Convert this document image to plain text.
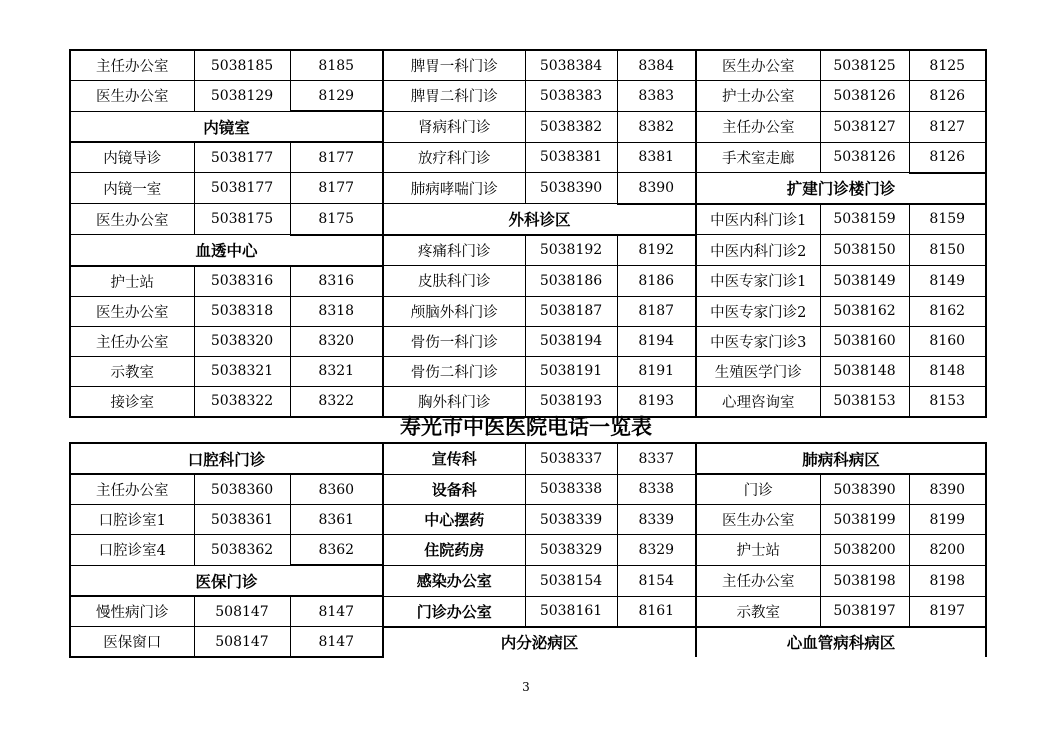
主任办公室	5038185	8185	脾胃一科门诊	5038384	8384	医生办公室	5038125	8125
医生办公室	5038129	8129	脾胃二科门诊	5038383	8383	护士办公室	5038126	8126
内镜室			肾病科门诊	5038382	8382	主任办公室	5038127	8127
内镜导诊	5038177	8177	放疗科门诊	5038381	8381	手术室走廊	5038126	8126
内镜一室	5038177	8177	肺病哮喘门诊	5038390	8390	扩建门诊楼门诊		
医生办公室	5038175	8175	外科诊区			中医内科门诊1	5038159	8159
血透中心			疼痛科门诊	5038192	8192	中医内科门诊2	5038150	8150
护士站	5038316	8316	皮肤科门诊	5038186	8186	中医专家门诊1	5038149	8149
医生办公室	5038318	8318	颅脑外科门诊	5038187	8187	中医专家门诊2	5038162	8162
主任办公室	5038320	8320	骨伤一科门诊	5038194	8194	中医专家门诊3	5038160	8160
示教室	5038321	8321	骨伤二科门诊	5038191	8191	生殖医学门诊	5038148	8148
接诊室	5038322	8322	胸外科门诊	5038193	8193	心理咨询室	5038153	8153
寿光市中医医院电话一览表
口腔科门诊			宣传科	5038337	8337	肺病科病区		
主任办公室	5038360	8360	设备科	5038338	8338	门诊	5038390	8390
口腔诊室1	5038361	8361	中心摆药	5038339	8339	医生办公室	5038199	8199
口腔诊室4	5038362	8362	住院药房	5038329	8329	护士站	5038200	8200
医保门诊			感染办公室	5038154	8154	主任办公室	5038198	8198
慢性病门诊	508147	8147	门诊办公室	5038161	8161	示教室	5038197	8197
医保窗口	508147	8147	内分泌病区			心血管病科病区		
3
